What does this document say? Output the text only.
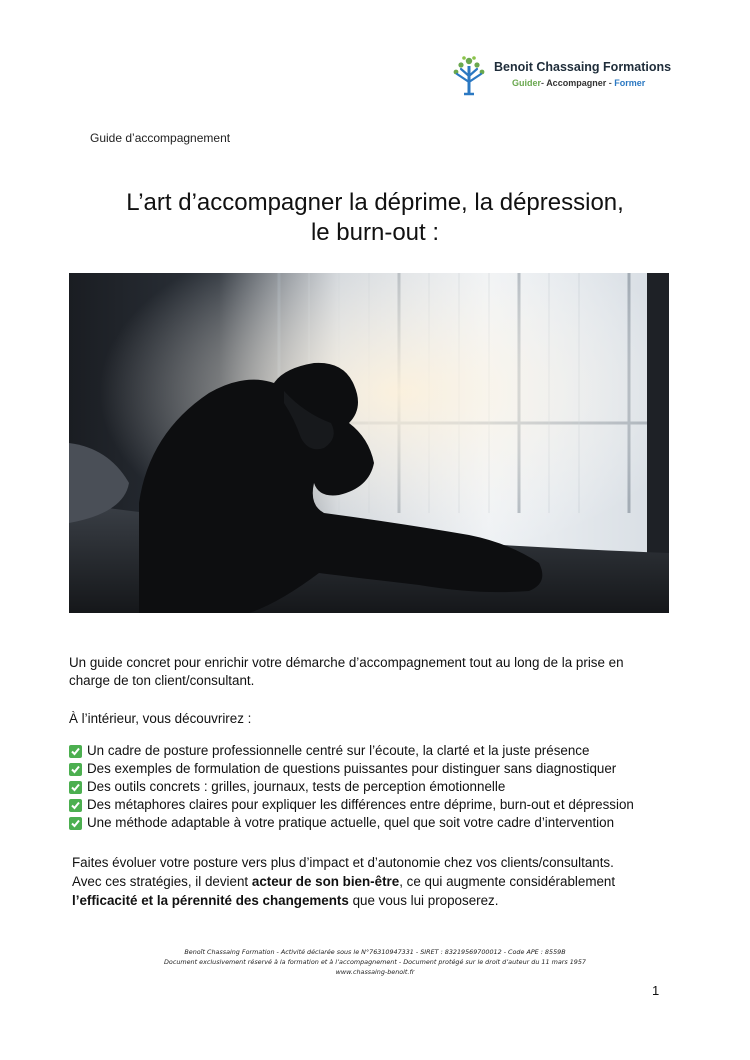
Benoit Chassaing Formations
Guider- Accompagner - Former
Guide d’accompagnement
L’art d’accompagner la déprime, la dépression,
le burn-out :
Un guide concret pour enrichir votre démarche d’accompagnement tout au long de la prise en
charge de ton client/consultant.
À l’intérieur, vous découvrirez :
Un cadre de posture professionnelle centré sur l’écoute, la clarté et la juste présence
Des exemples de formulation de questions puissantes pour distinguer sans diagnostiquer
Des outils concrets : grilles, journaux, tests de perception émotionnelle
Des métaphores claires pour expliquer les différences entre déprime, burn-out et dépression
Une méthode adaptable à votre pratique actuelle, quel que soit votre cadre d’intervention
Faites évoluer votre posture vers plus d’impact et d’autonomie chez vos clients/consultants.
Avec ces stratégies, il devient acteur de son bien-être, ce qui augmente considérablement
l’efficacité et la pérennité des changements que vous lui proposerez.
Benoît Chassaing Formation - Activité déclarée sous le N°76310947331 - SIRET : 83219569700012 - Code APE : 8559B
Document exclusivement réservé à la formation et à l’accompagnement - Document protégé sur le droit d’auteur du 11 mars 1957
www.chassaing-benoit.fr
1
